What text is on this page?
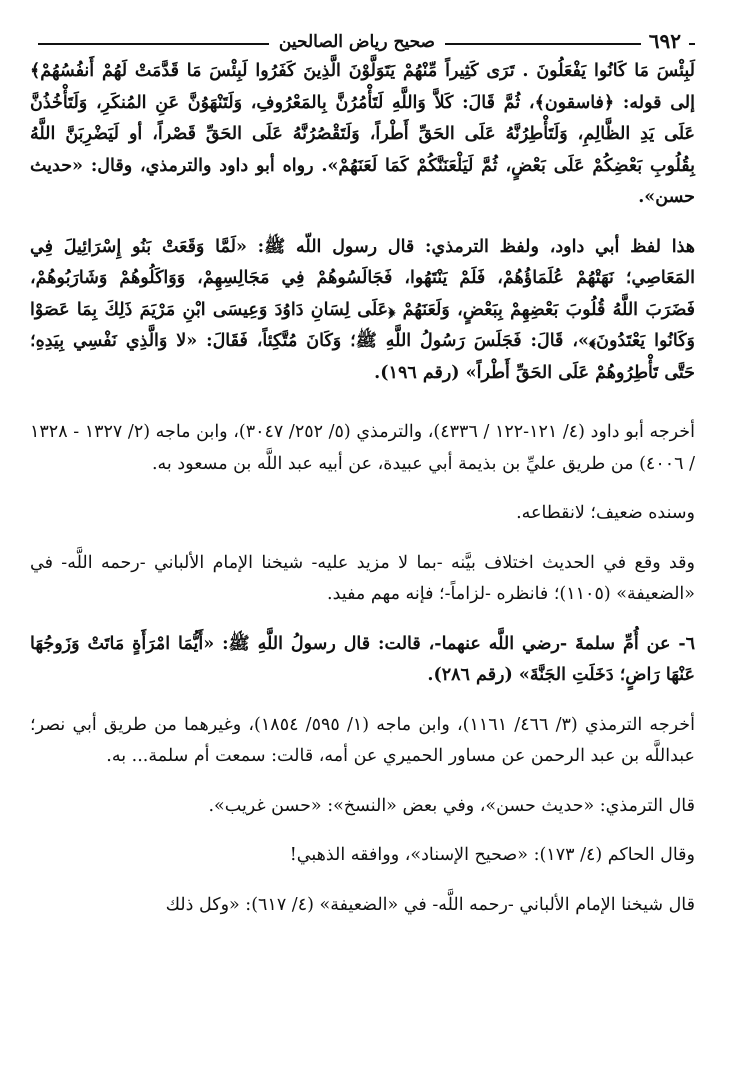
٦٩٢
صحيح رياض الصالحين

لَبِئْسَ مَا كَانُوا يَفْعَلُونَ . تَرَى كَثِيراً مِّنْهُمْ يَتَوَلَّوْنَ الَّذِينَ كَفَرُوا لَبِئْسَ مَا قَدَّمَتْ لَهُمْ أَنفُسُهُمْ﴾ إلى قوله: ﴿فاسقون﴾، ثُمَّ قَالَ: كَلاَّ وَاللَّهِ لَتَأْمُرُنَّ بِالمَعْرُوفِ، وَلَتَنْهَوُنَّ عَنِ المُنكَرِ، وَلَتَأْخُذُنَّ عَلَى يَدِ الظَّالِمِ، وَلَتَأْطِرُنَّهُ عَلَى الحَقِّ أَطْراً، وَلَتَقْصُرُنَّهُ عَلَى الحَقِّ قَصْراً، أو لَيَضْرِبَنَّ اللَّهُ بِقُلُوبِ بَعْضِكُمْ عَلَى بَعْضٍ، ثُمَّ لَيَلْعَنَنَّكُمْ كَمَا لَعَنَهُمْ». رواه أبو داود والترمذي، وقال: «حديث حسن».

هذا لفظ أبي داود، ولفظ الترمذي: قال رسول اللّه ﷺ: «لَمَّا وَقَعَتْ بَنُو إِسْرَائِيلَ فِي المَعَاصِي؛ نَهَتْهُمْ عُلَمَاؤُهُمْ، فَلَمْ يَنْتَهُوا، فَجَالَسُوهُمْ فِي مَجَالِسِهِمْ، وَوَاكَلُوهُمْ وَشَارَبُوهُمْ، فَضَرَبَ اللَّهُ قُلُوبَ بَعْضِهِمْ بِبَعْضٍ، وَلَعَنَهُمْ ﴿عَلَى لِسَانِ دَاوُدَ وَعِيسَى ابْنِ مَرْيَمَ ذَلِكَ بِمَا عَصَوْا وَكَانُوا يَعْتَدُونَ﴾»، قَالَ: فَجَلَسَ رَسُولُ اللَّهِ ﷺ؛ وَكَانَ مُتَّكِئاً، فَقَالَ: «لا وَالَّذِي نَفْسِي بِيَدِهِ؛ حَتَّى تَأْطِرُوهُمْ عَلَى الحَقِّ أَطْراً» (رقم ١٩٦).

أخرجه أبو داود (٤/ ١٢١-١٢٢ / ٤٣٣٦)، والترمذي (٥/ ٢٥٢/ ٣٠٤٧)، وابن ماجه (٢/ ١٣٢٧ - ١٣٢٨ / ٤٠٠٦) من طريق عليِّ بن بذيمة أبي عبيدة، عن أبيه عبد اللَّه بن مسعود به.

وسنده ضعيف؛ لانقطاعه.

وقد وقع في الحديث اختلاف بيَّنه -بما لا مزيد عليه- شيخنا الإمام الألباني -رحمه اللَّه- في «الضعيفة» (١١٠٥)؛ فانظره -لزاماً-؛ فإنه مهم مفيد.

٦- عن أُمِّ سلمةَ -رضي اللَّه عنهما-، قالت: قال رسولُ اللَّهِ ﷺ: «أَيُّمَا امْرَأَةٍ مَاتَتْ وَزَوجُهَا عَنْهَا رَاضٍ؛ دَخَلَتِ الجَنَّةَ» (رقم ٢٨٦).

أخرجه الترمذي (٣/ ٤٦٦/ ١١٦١)، وابن ماجه (١/ ٥٩٥/ ١٨٥٤)، وغيرهما من طريق أبي نصر؛ عبداللَّه بن عبد الرحمن عن مساور الحميري عن أمه، قالت: سمعت أم سلمة... به.

قال الترمذي: «حديث حسن»، وفي بعض «النسخ»: «حسن غريب».

وقال الحاكم (٤/ ١٧٣): «صحيح الإسناد»، ووافقه الذهبي!

قال شيخنا الإمام الألباني -رحمه اللَّه- في «الضعيفة» (٤/ ٦١٧): «وكل ذلك
